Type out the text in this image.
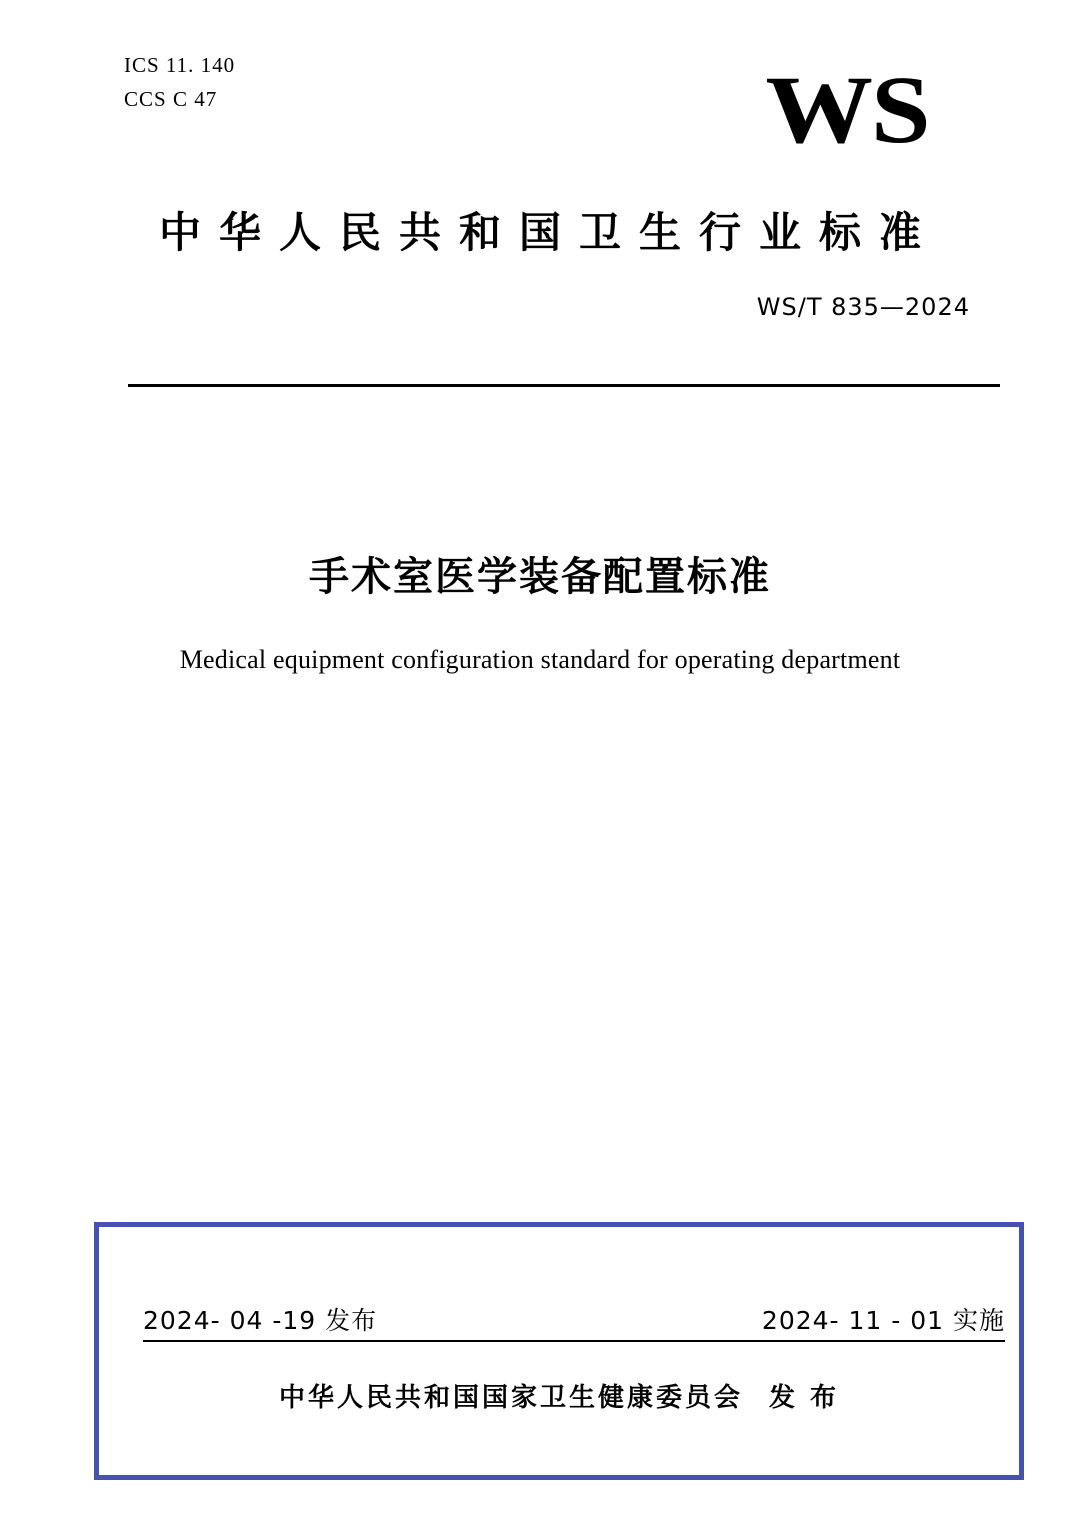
ICS 11. 140
CCS C 47	WS
中华人民共和国卫生行业标准
WS/T 835—2024
手术室医学装备配置标准
Medical equipment configuration standard for operating department
2024- 04 -19 发布	2024- 11 - 01 实施
中华人民共和国国家卫生健康委员会 发 布
